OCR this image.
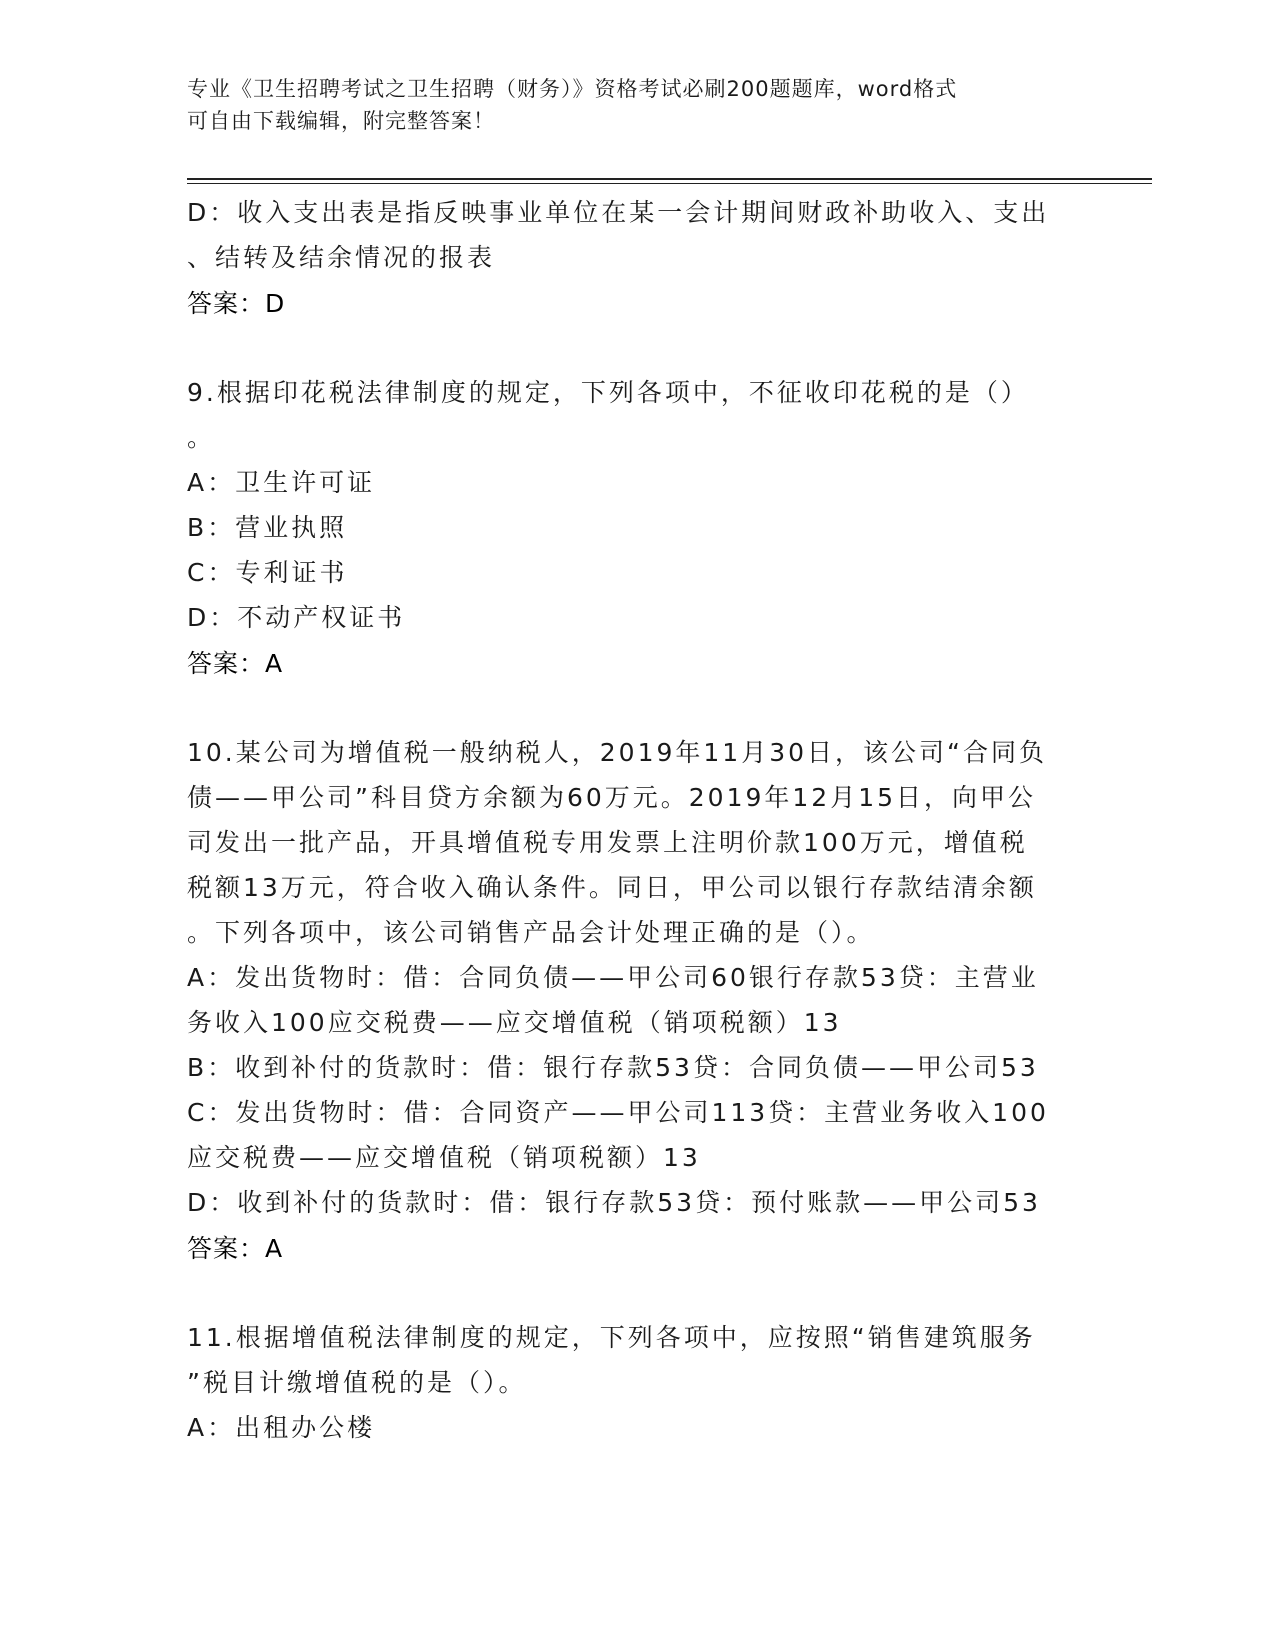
专业《卫生招聘考试之卫生招聘（财务）》资格考试必刷200题题库，word格式
可自由下载编辑，附完整答案！
D：收入支出表是指反映事业单位在某一会计期间财政补助收入、支出
、结转及结余情况的报表
答案：D
9.根据印花税法律制度的规定，下列各项中，不征收印花税的是（）
。
A：卫生许可证
B：营业执照
C：专利证书
D：不动产权证书
答案：A
10.某公司为增值税一般纳税人，2019年11月30日，该公司“合同负
债——甲公司”科目贷方余额为60万元。2019年12月15日，向甲公
司发出一批产品，开具增值税专用发票上注明价款100万元，增值税
税额13万元，符合收入确认条件。同日，甲公司以银行存款结清余额
。下列各项中，该公司销售产品会计处理正确的是（）。
A：发出货物时：借：合同负债——甲公司60银行存款53贷：主营业
务收入100应交税费——应交增值税（销项税额）13
B：收到补付的货款时：借：银行存款53贷：合同负债——甲公司53
C：发出货物时：借：合同资产——甲公司113贷：主营业务收入100
应交税费——应交增值税（销项税额）13
D：收到补付的货款时：借：银行存款53贷：预付账款——甲公司53
答案：A
11.根据增值税法律制度的规定，下列各项中，应按照“销售建筑服务
”税目计缴增值税的是（）。
A：出租办公楼
